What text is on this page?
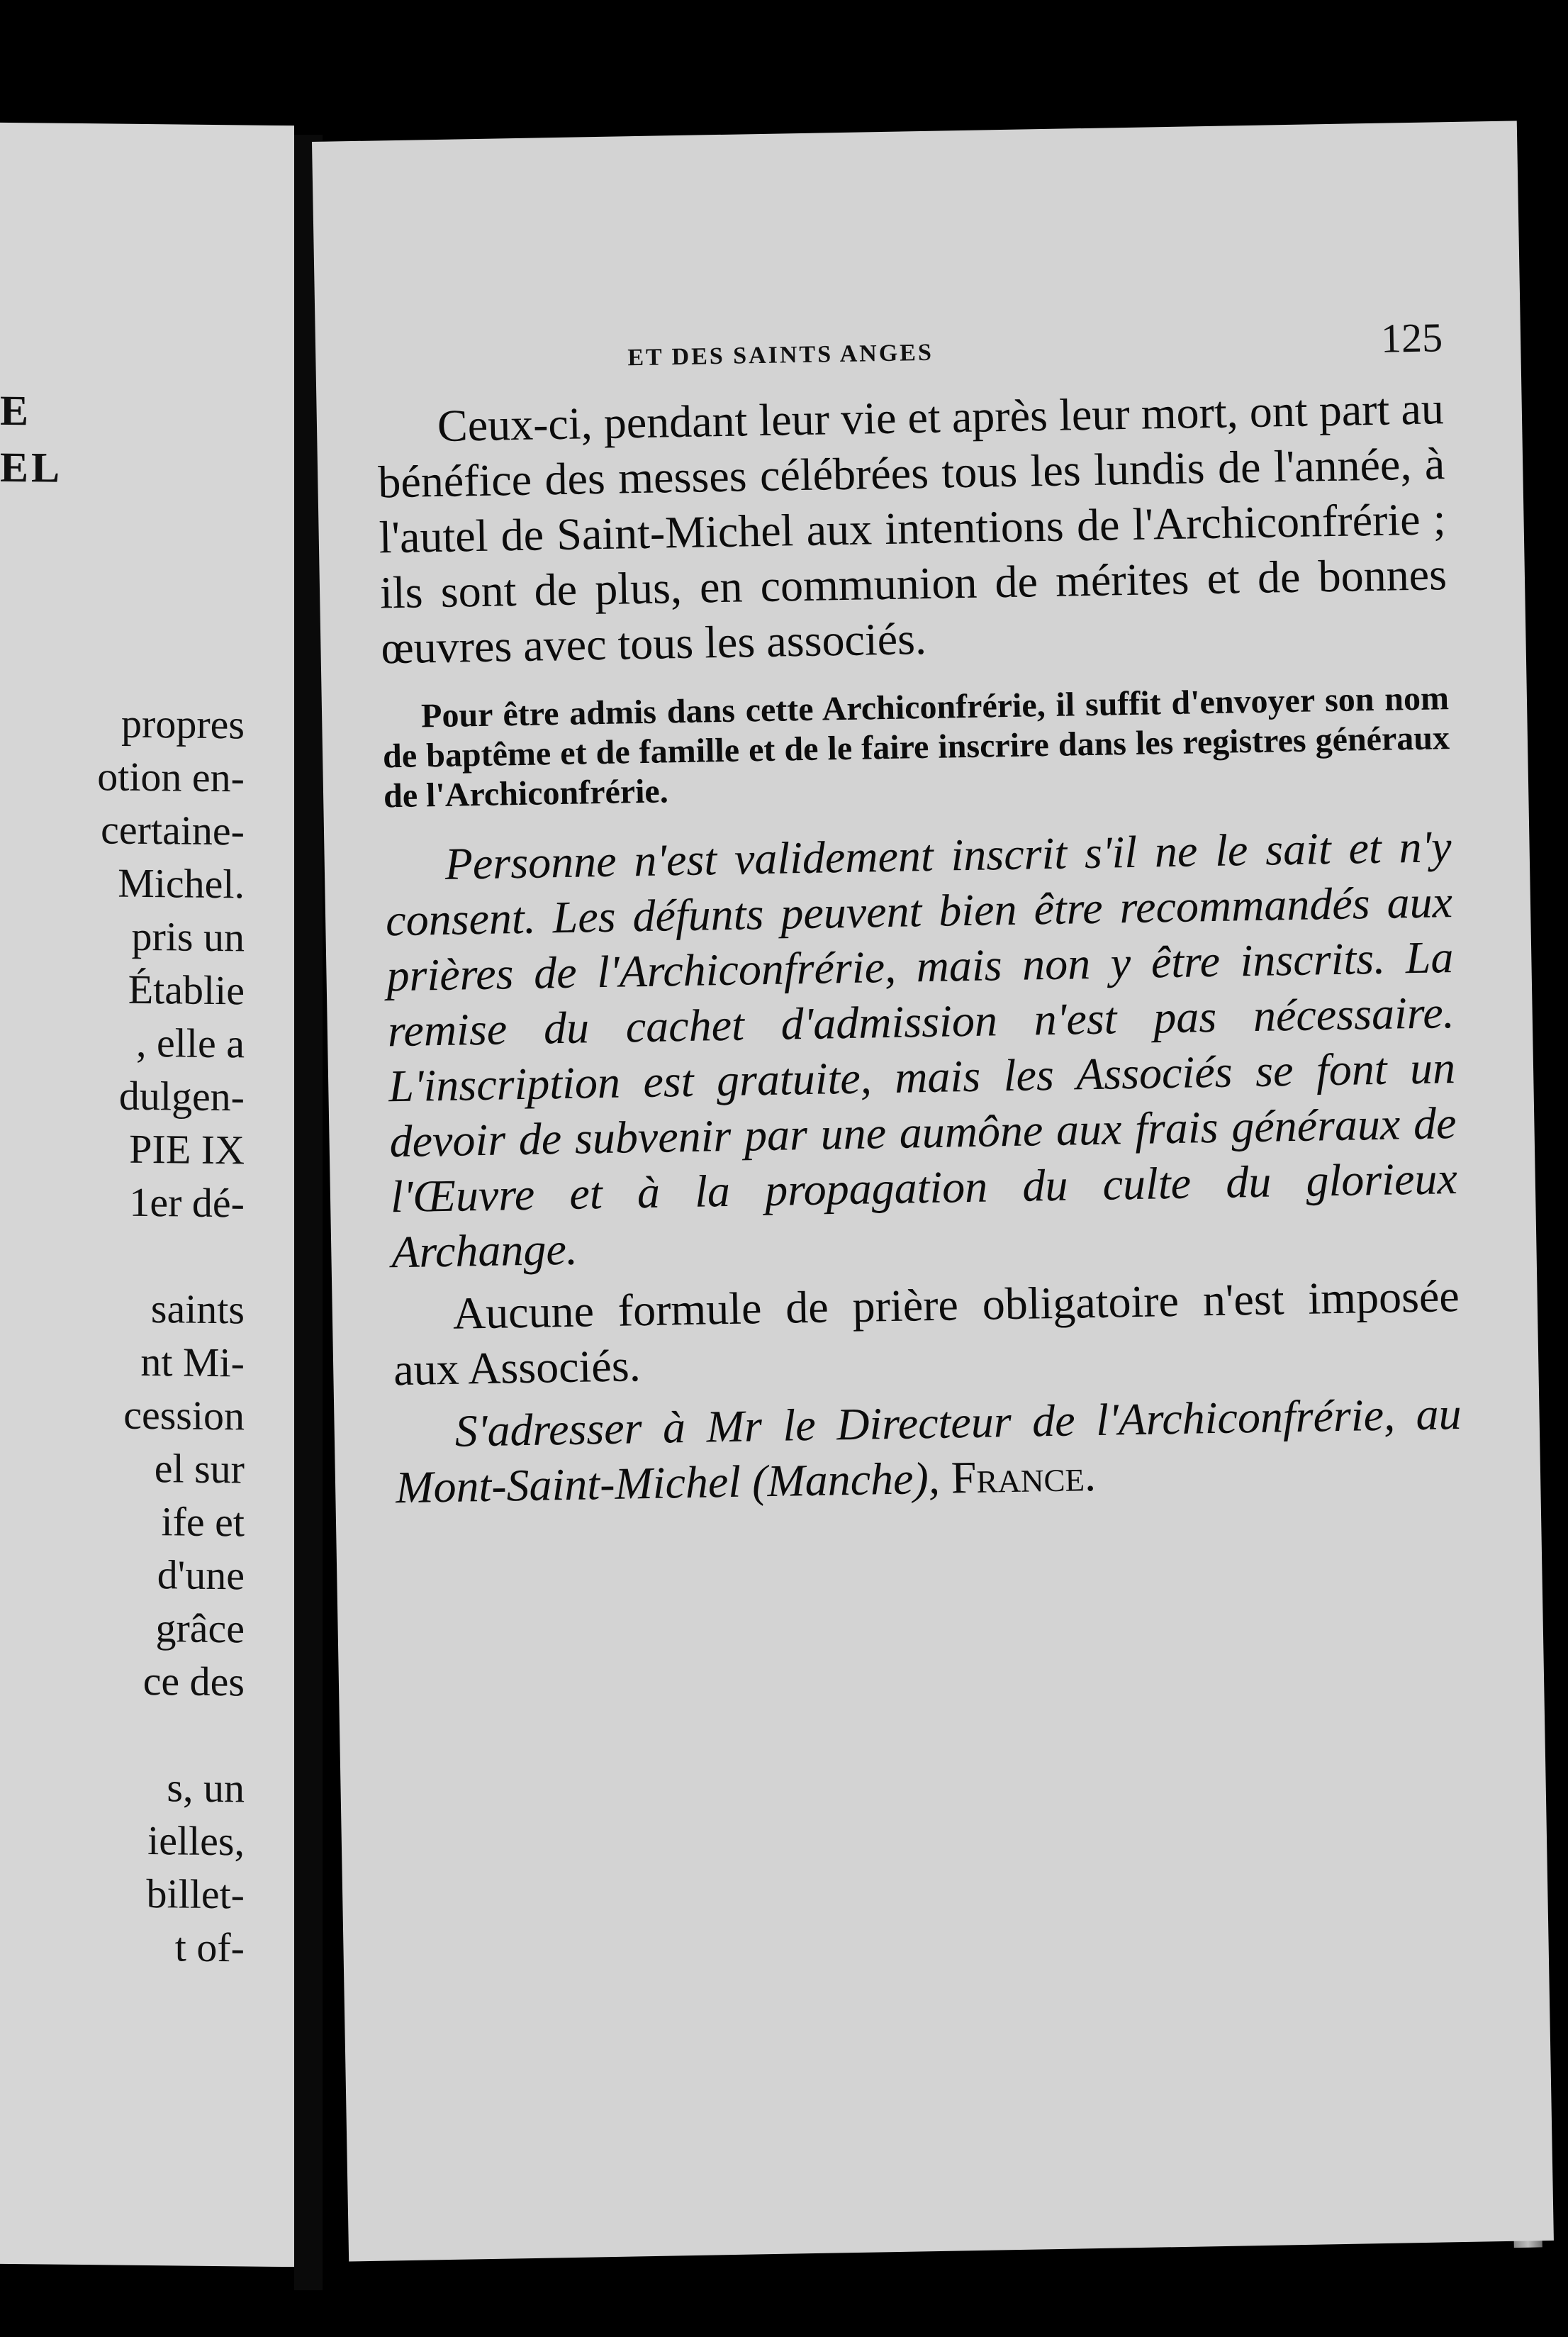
E
EL
propres
otion en-
certaine-
Michel.
pris un
Établie
, elle a
dulgen-
PIE IX
1er dé-
saints
nt Mi-
cession
el sur
ife et
d'une
grâce
ce des
s, un
ielles,
billet-
t of-
ET DES SAINTS ANGES	125

Ceux-ci, pendant leur vie et après leur mort, ont part au bénéfice des messes célébrées tous les lundis de l'année, à l'autel de Saint-Michel aux intentions de l'Archiconfrérie ; ils sont de plus, en communion de mérites et de bonnes œuvres avec tous les associés.

Pour être admis dans cette Archiconfrérie, il suffit d'envoyer son nom de baptême et de famille et de le faire inscrire dans les registres généraux de l'Archiconfrérie.

Personne n'est validement inscrit s'il ne le sait et n'y consent. Les défunts peuvent bien être recommandés aux prières de l'Archiconfrérie, mais non y être inscrits. La remise du cachet d'admission n'est pas nécessaire. L'inscription est gratuite, mais les Associés se font un devoir de subvenir par une aumône aux frais généraux de l'Œuvre et à la propagation du culte du glorieux Archange.

Aucune formule de prière obligatoire n'est imposée aux Associés.

S'adresser à Mr le Directeur de l'Archiconfrérie, au Mont-Saint-Michel (Manche), France.
